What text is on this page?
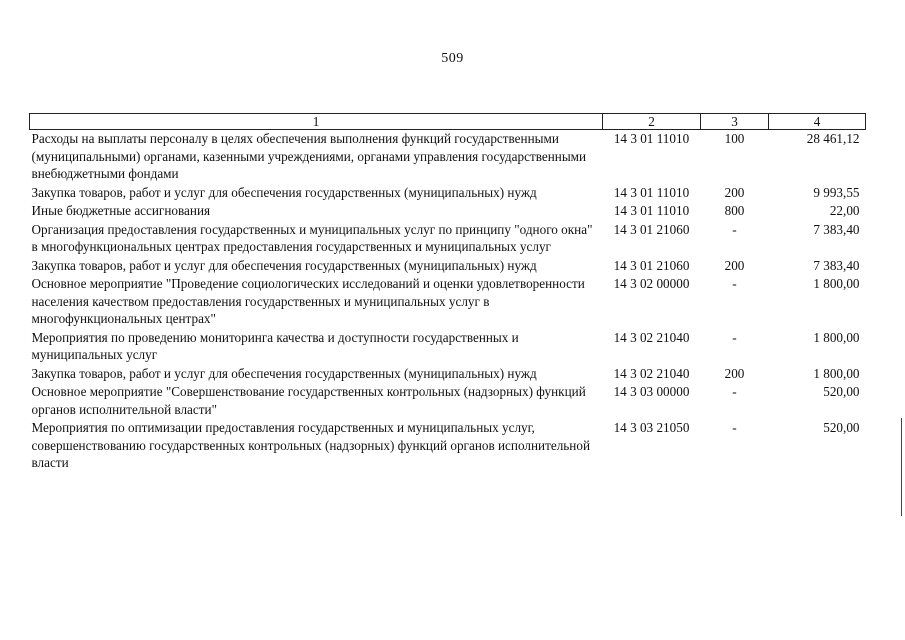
509
1	2	3	4
Расходы на выплаты персоналу в целях обеспечения выполнения функций государственными (муниципальными) органами, казенными учреждениями, органами управления государственными внебюджетными фондами	14 3 01 11010	100	28 461,12
Закупка товаров, работ и услуг для обеспечения государственных (муниципальных) нужд	14 3 01 11010	200	9 993,55
Иные бюджетные ассигнования	14 3 01 11010	800	22,00
Организация предоставления государственных и муниципальных услуг по принципу "одного окна" в многофункциональных центрах предоставления государственных и муниципальных услуг	14 3 01 21060	-	7 383,40
Закупка товаров, работ и услуг для обеспечения государственных (муниципальных) нужд	14 3 01 21060	200	7 383,40
Основное мероприятие "Проведение социологических исследований и оценки удовлетворенности населения качеством предоставления государственных и муниципальных услуг в многофункциональных центрах"	14 3 02 00000	-	1 800,00
Мероприятия по проведению мониторинга качества и доступности государственных и муниципальных услуг	14 3 02 21040	-	1 800,00
Закупка товаров, работ и услуг для обеспечения государственных (муниципальных) нужд	14 3 02 21040	200	1 800,00
Основное мероприятие "Совершенствование государственных контрольных (надзорных) функций органов исполнительной власти"	14 3 03 00000	-	520,00
Мероприятия по оптимизации предоставления государственных и муниципальных услуг, совершенствованию государственных контрольных (надзорных) функций органов исполнительной власти	14 3 03 21050	-	520,00
